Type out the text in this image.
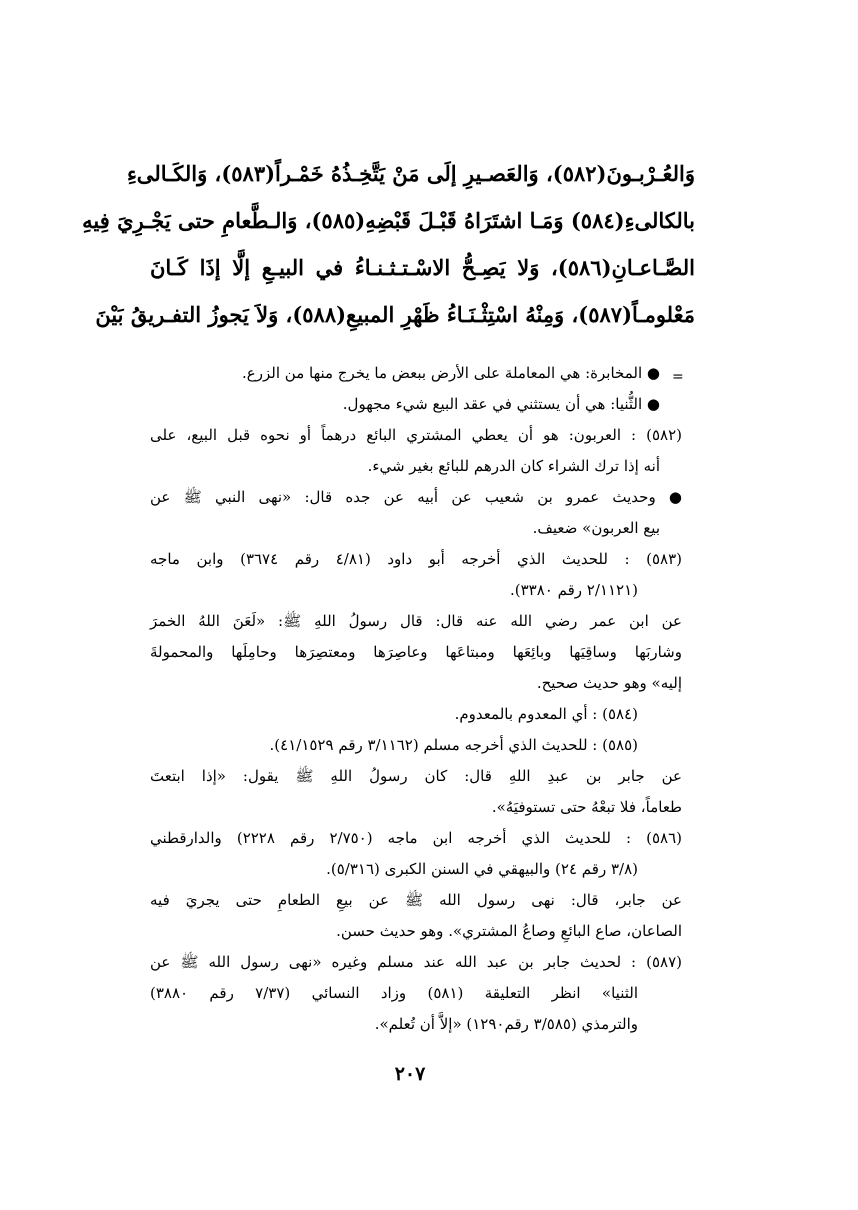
وَالعُـرْبـونَ(٥٨٢)، وَالعَصـيرِ إلَى مَنْ يَتَّخِـذُهُ خَمْـراً(٥٨٣)، وَالكَـالىءِ
بالكالىءِ(٥٨٤) وَمَـا اشتَرَاهُ قَبْـلَ قَبْضِهِ(٥٨٥)، وَالـطَّعامِ حتى يَجْـرِيَ فِيهِ
الصَّـاعـانِ(٥٨٦)، وَلا يَصِـحُّ الاسْـتـثـنـاءُ في البيـعِ إلَّا إذَا كَـانَ
مَعْلومـاً(٥٨٧)، وَمِنْهُ اسْتِثْـنَـاءُ ظَهْرِ المبيعِ(٥٨٨)، وَلاَ يَجوزُ التفـريقُ بَيْنَ
=
● المخابرة: هي المعاملة على الأرض ببعض ما يخرج منها من الزرع.
● الثُّنيا: هي أن يستثني في عقد البيع شيء مجهول.
(٥٨٢) : العربون: هو أن يعطي المشتري البائع درهماً أو نحوه قبل البيع، على
أنه إذا ترك الشراء كان الدرهم للبائع بغير شيء.
● وحديث عمرو بن شعيب عن أبيه عن جده قال: «نهى النبي ﷺ عن
بيع العربون» ضعيف.
(٥٨٣) : للحديث الذي أخرجه أبو داود (٤/٨١ رقم ٣٦٧٤) وابن ماجه
(٢/١١٢١ رقم ٣٣٨٠).
عن ابن عمر رضي الله عنه قال: قال رسولُ اللهِ ﷺ: «لَعَنَ اللهُ الخمرَ
وشاربَها وساقِيَها وبائِعَها ومبتاعَها وعاصِرَها ومعتصِرَها وحامِلَها والمحمولةَ
إليه» وهو حديث صحيح.
(٥٨٤) : أي المعدوم بالمعدوم.
(٥٨٥) : للحديث الذي أخرجه مسلم (٣/١١٦٢ رقم ٤١/١٥٢٩).
عن جابر بن عبدِ اللهِ قال: كان رسولُ اللهِ ﷺ يقول: «إذا ابتعتَ
طعاماً، فلا تبعْهُ حتى تستوفيَهُ».
(٥٨٦) : للحديث الذي أخرجه ابن ماجه (٢/٧٥٠ رقم ٢٢٢٨) والدارقطني
(٣/٨ رقم ٢٤) والبيهقي في السنن الكبرى (٥/٣١٦).
عن جابر، قال: نهى رسول الله ﷺ عن بيعِ الطعامِ حتى يجريَ فيه
الصاعان، صاع البائعِ وصاعُ المشتري». وهو حديث حسن.
(٥٨٧) : لحديث جابر بن عبد الله عند مسلم وغيره «نهى رسول الله ﷺ عن
الثنيا» انظر التعليقة (٥٨١) وزاد النسائي (٧/٣٧ رقم ٣٨٨٠)
والترمذي (٣/٥٨٥ رقم١٢٩٠) «إلاَّ أن تُعلم».
٢٠٧
